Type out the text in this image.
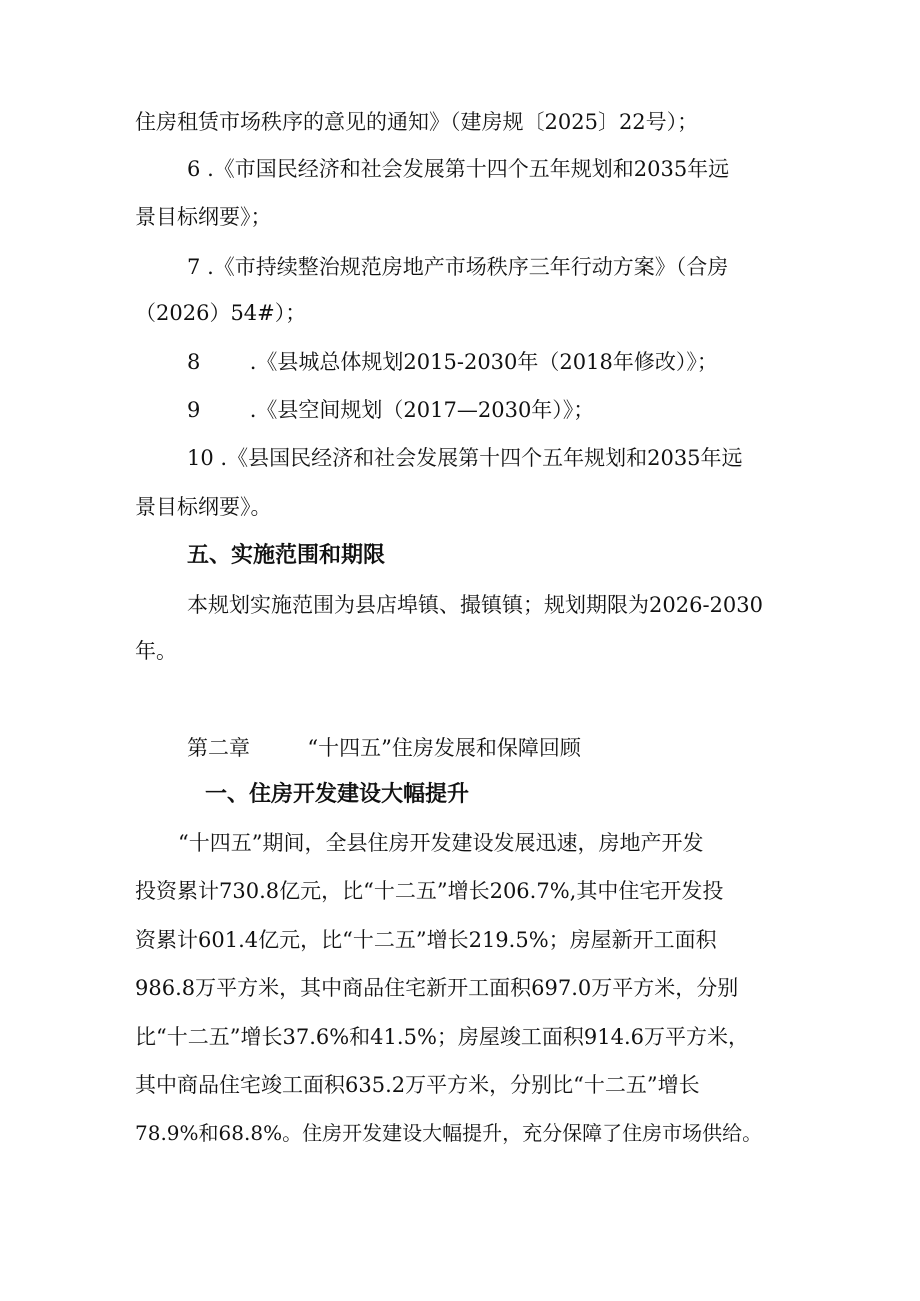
住房租赁市场秩序的意见的通知》（建房规〔2025〕22号）；
6 .《市国民经济和社会发展第十四个五年规划和2035年远
景目标纲要》；
7 .《市持续整治规范房地产市场秩序三年行动方案》（合房
（2026）54#）；
8 .《县城总体规划2015-2030年（2018年修改）》；
9 .《县空间规划（2017—2030年）》；
10 .《县国民经济和社会发展第十四个五年规划和2035年远
景目标纲要》。
五、实施范围和期限
本规划实施范围为县店埠镇、撮镇镇；规划期限为2026-2030
年。
第二章	“十四五”住房发展和保障回顾
一、住房开发建设大幅提升
“十四五”期间，全县住房开发建设发展迅速，房地产开发
投资累计730.8亿元，比“十二五”增长206.7%,其中住宅开发投
资累计601.4亿元，比“十二五”增长219.5%；房屋新开工面积
986.8万平方米，其中商品住宅新开工面积697.0万平方米，分别
比“十二五”增长37.6%和41.5%；房屋竣工面积914.6万平方米，
其中商品住宅竣工面积635.2万平方米，分别比“十二五”增长
78.9%和68.8%。住房开发建设大幅提升，充分保障了住房市场供给。
